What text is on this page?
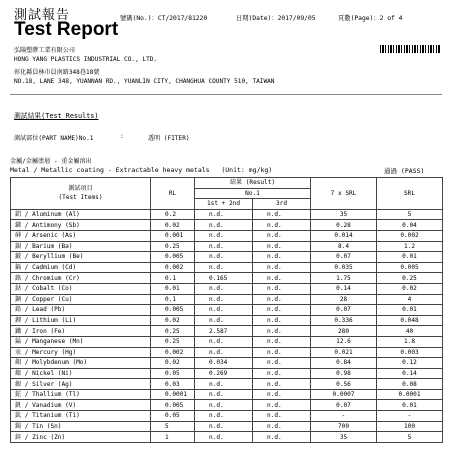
測試報告
Test Report
號碼(No.)：CT/2017/81220	日期(Date)：2017/09/05	頁數(Page)：2 of 4
弘陽塑膠工業有限公司
HONG YANG PLASTICS INDUSTRIAL CO., LTD.
彰化縣員林市員南路348巷18號
NO.18, LANE 348, YUANNAN RD., YUANLIN CITY, CHANGHUA COUNTY 510, TAIWAN
測試結果(Test Results)
測試部位(PART NAME)No.1	:	透明 (FITER)
金屬/金屬塗層 - 重金屬溶出
Metal / Metallic coating - Extractable heavy metals (Unit: mg/kg)	通過 (PASS)
測試項目
(Test Items)	RL	結果 (Result)		7 x SRL	SRL
		No.1			
		1st + 2nd	3rd		
鋁 / Aluminum (Al)	0.2	n.d.	n.d.	35	5
銻 / Antimony (Sb)	0.02	n.d.	n.d.	0.28	0.04
砷 / Arsenic (As)	0.001	n.d.	n.d.	0.014	0.002
鋇 / Barium (Ba)	0.25	n.d.	n.d.	8.4	1.2
鈹 / Beryllium (Be)	0.005	n.d.	n.d.	0.07	0.01
鎘 / Cadmium (Cd)	0.002	n.d.	n.d.	0.035	0.005
鉻 / Chromium (Cr)	0.1	0.165	n.d.	1.75	0.25
鈷 / Cobalt (Co)	0.01	n.d.	n.d.	0.14	0.02
銅 / Copper (Cu)	0.1	n.d.	n.d.	28	4
鉛 / Lead (Pb)	0.005	n.d.	n.d.	0.07	0.01
鋰 / Lithium (Li)	0.02	n.d.	n.d.	0.336	0.048
鐵 / Iron (Fe)	0.25	2.587	n.d.	280	40
錳 / Manganese (Mn)	0.25	n.d.	n.d.	12.6	1.8
汞 / Mercury (Hg)	0.002	n.d.	n.d.	0.021	0.003
鉬 / Molybdenum (Mo)	0.02	0.034	n.d.	0.84	0.12
鎳 / Nickel (Ni)	0.05	0.269	n.d.	0.98	0.14
銀 / Silver (Ag)	0.03	n.d.	n.d.	0.56	0.08
鉈 / Thallium (Tl)	0.0001	n.d.	n.d.	0.0007	0.0001
釩 / Vanadium (V)	0.005	n.d.	n.d.	0.07	0.01
鈦 / Titanium (Ti)	0.05	n.d.	n.d.	-	-
錫 / Tin (Sn)	5	n.d.	n.d.	700	100
鋅 / Zinc (Zn)	1	n.d.	n.d.	35	5
